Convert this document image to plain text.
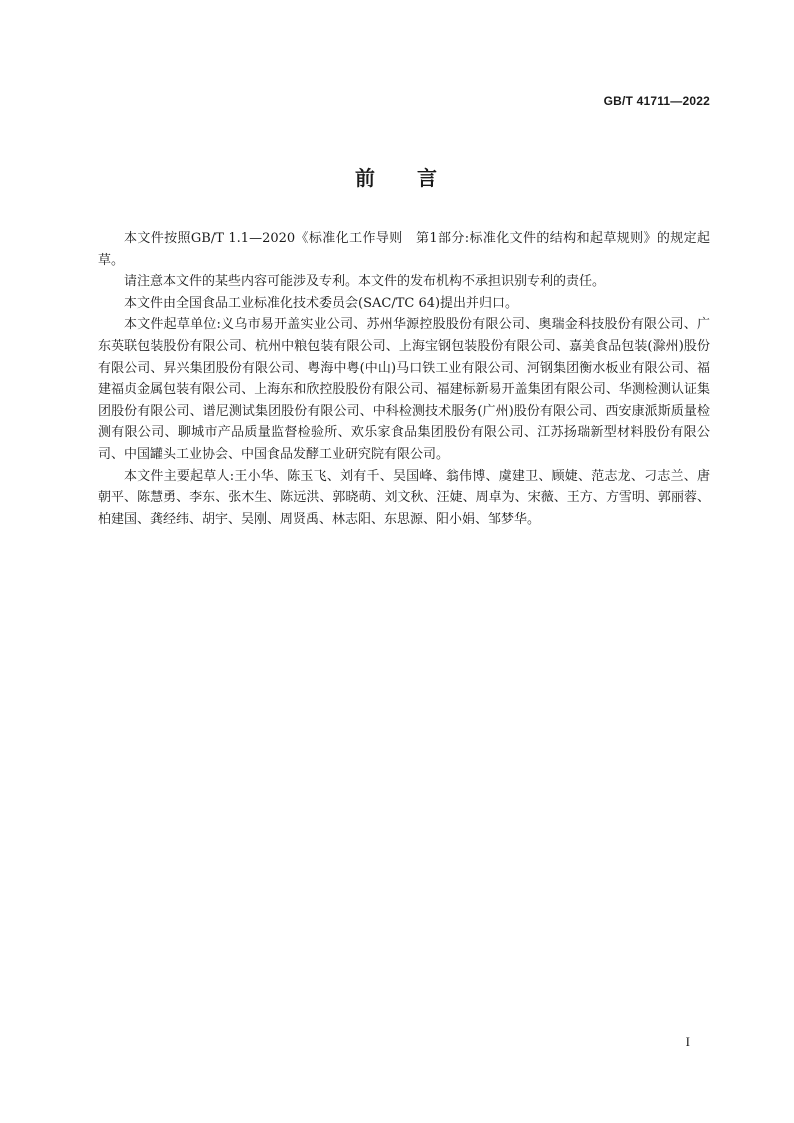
GB/T 41711—2022
前 言

本文件按照GB/T 1.1—2020《标准化工作导则　第1部分:标准化文件的结构和起草规则》的规定起草。

请注意本文件的某些内容可能涉及专利。本文件的发布机构不承担识别专利的责任。

本文件由全国食品工业标准化技术委员会(SAC/TC 64)提出并归口。

本文件起草单位:义乌市易开盖实业公司、苏州华源控股股份有限公司、奥瑞金科技股份有限公司、广东英联包装股份有限公司、杭州中粮包装有限公司、上海宝钢包装股份有限公司、嘉美食品包装(滁州)股份有限公司、昇兴集团股份有限公司、粤海中粤(中山)马口铁工业有限公司、河钢集团衡水板业有限公司、福建福贞金属包装有限公司、上海东和欣控股股份有限公司、福建标新易开盖集团有限公司、华测检测认证集团股份有限公司、谱尼测试集团股份有限公司、中科检测技术服务(广州)股份有限公司、西安康派斯质量检测有限公司、聊城市产品质量监督检验所、欢乐家食品集团股份有限公司、江苏扬瑞新型材料股份有限公司、中国罐头工业协会、中国食品发酵工业研究院有限公司。

本文件主要起草人:王小华、陈玉飞、刘有千、吴国峰、翁伟博、虞建卫、顾婕、范志龙、刁志兰、唐朝平、陈慧勇、李东、张木生、陈远洪、郭晓萌、刘文秋、汪婕、周卓为、宋薇、王方、方雪明、郭丽蓉、柏建国、龚经纬、胡宇、吴刚、周贤禹、林志阳、东思源、阳小娟、邹梦华。

I
